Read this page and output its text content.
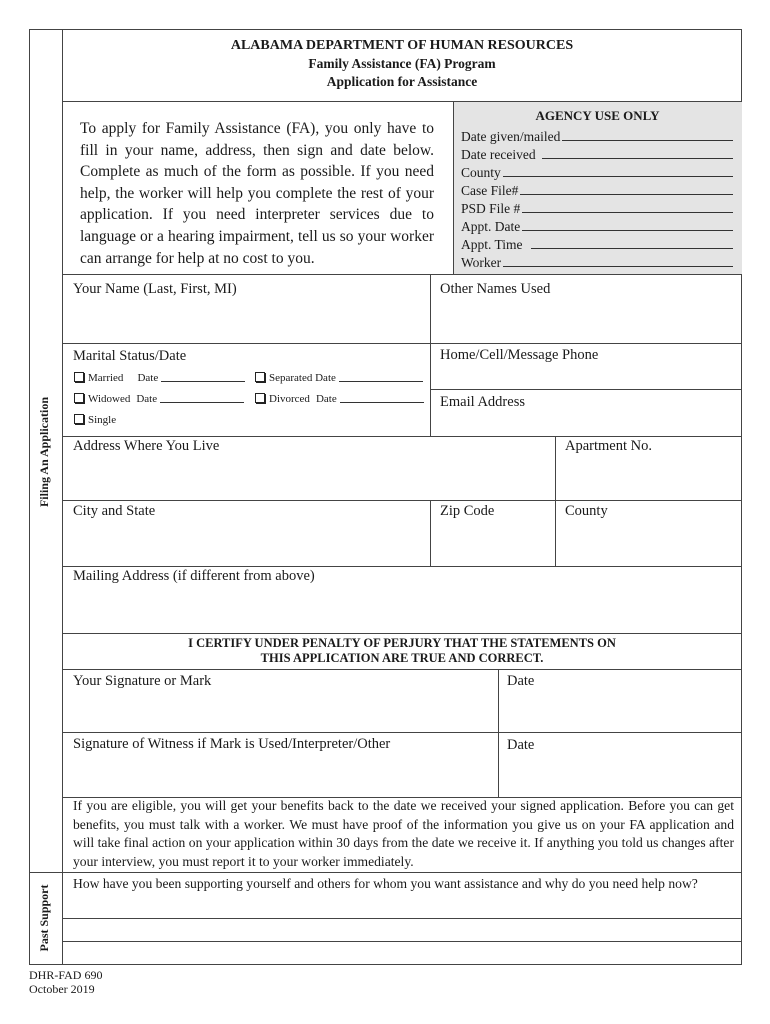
Filing An Application
Past Support
ALABAMA DEPARTMENT OF HUMAN RESOURCES
Family Assistance (FA) Program
Application for Assistance
To apply for Family Assistance (FA), you only have to fill in your name, address, then sign and date below. Complete as much of the form as possible. If you need help, the worker will help you complete the rest of your application. If you need interpreter services due to language or a hearing impairment, tell us so your worker can arrange for help at no cost to you.
AGENCY USE ONLY
Date given/mailed
Date received
County
Case File#
PSD File #
Appt. Date
Appt. Time
Worker
Your Name (Last, First, MI)	Other Names Used
Marital Status/Date	Home/Cell/Message Phone
Email Address
Married Date	Separated Date
Widowed Date	Divorced Date
Single
Address Where You Live	Apartment No.
City and State	Zip Code	County
Mailing Address (if different from above)
I CERTIFY UNDER PENALTY OF PERJURY THAT THE STATEMENTS ON
THIS APPLICATION ARE TRUE AND CORRECT.
Your Signature or Mark	Date
Signature of Witness if Mark is Used/Interpreter/Other	Date
If you are eligible, you will get your benefits back to the date we received your signed application. Before you can get benefits, you must talk with a worker. We must have proof of the information you give us on your FA application and will take final action on your application within 30 days from the date we receive it. If anything you told us changes after your interview, you must report it to your worker immediately.
How have you been supporting yourself and others for whom you want assistance and why do you need help now?
DHR-FAD 690
October 2019
